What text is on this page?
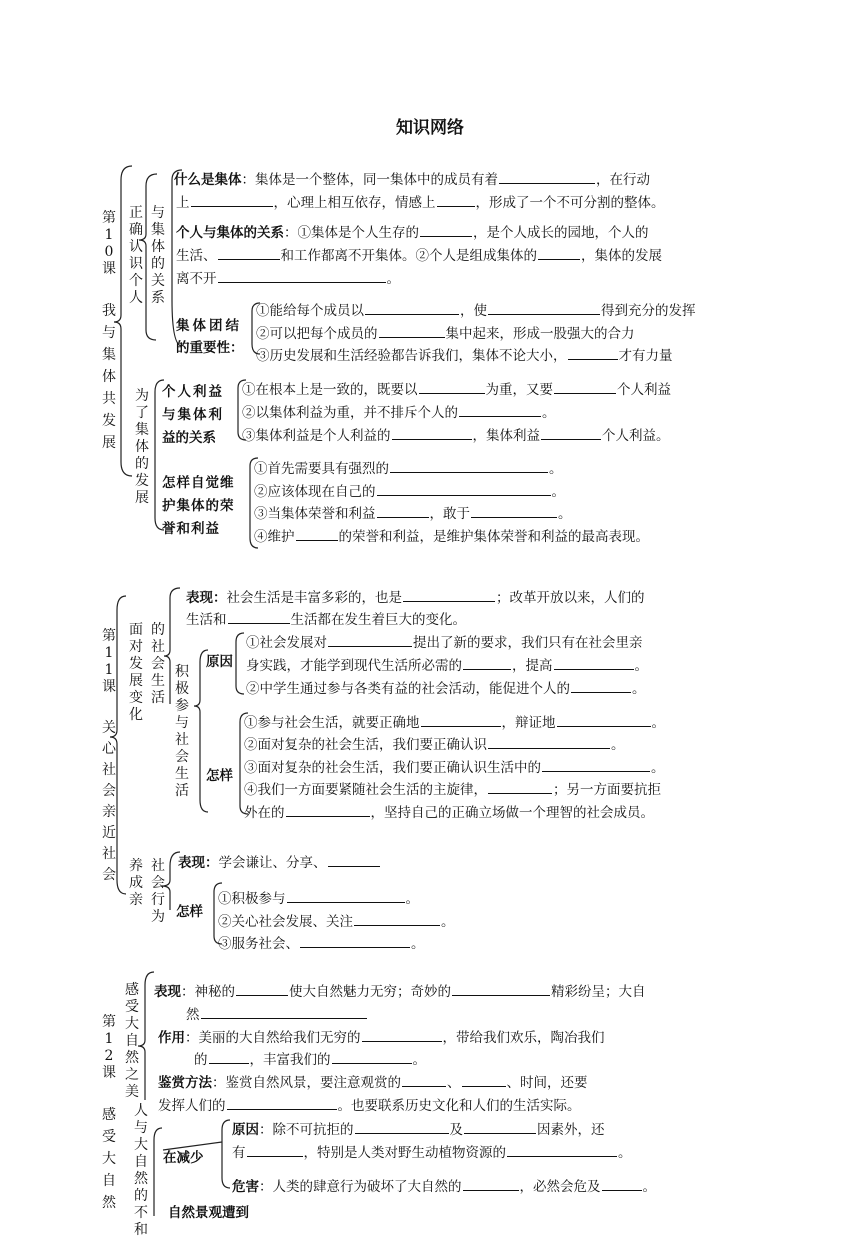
知识网络
第10课
我与集体共发展
正确认识个人
与集体的关系
什么是集体：集体是一个整体，同一集体中的成员有着	，在行动
上	，心理上相互依存，情感上	，形成了一个不可分割的整体。
个人与集体的关系：①集体是个人生存的	，是个人成长的园地，个人的
生活、	和工作都离不开集体。②个人是组成集体的	，集体的发展
离不开	。
集体团结
的重要性：
①能给每个成员以	，使	得到充分的发挥
②可以把每个成员的	集中起来，形成一股强大的合力
③历史发展和生活经验都告诉我们，集体不论大小，	才有力量
为了集体的发展
个人利益
与集体利
益的关系
①在根本上是一致的，既要以	为重，又要	个人利益
②以集体利益为重，并不排斥个人的	。
③集体利益是个人利益的	，集体利益	个人利益。
怎样自觉维
护集体的荣
誉和利益
①首先需要具有强烈的	。
②应该体现在自己的	。
③当集体荣誉和利益	，敢于	。
④维护	的荣誉和利益，是维护集体荣誉和利益的最高表现。
第11课
关心社会亲近社会
面对发展变化
的社会生活
表现：社会生活是丰富多彩的，也是	；改革开放以来，人们的
生活和	生活都在发生着巨大的变化。
积极参与社会生活
原因
①社会发展对	提出了新的要求，我们只有在社会里亲
身实践，才能学到现代生活所必需的	，提高	。
②中学生通过参与各类有益的社会活动，能促进个人的	。
怎样
①参与社会生活，就要正确地	，辩证地	。
②面对复杂的社会生活，我们要正确认识	。
③面对复杂的社会生活，我们要正确认识生活中的	。
④我们一方面要紧随社会生活的主旋律，	；另一方面要抗拒
外在的	，坚持自己的正确立场做一个理智的社会成员。
养成亲
社会行为
表现：学会谦让、分享、
怎样
①积极参与	。
②关心社会发展、关注	。
③服务社会、	。
第12课
感受大自然
感受大自然之美
表现：神秘的	使大自然魅力无穷；奇妙的	精彩纷呈；大自
然
作用：美丽的大自然给我们无穷的	，带给我们欢乐，陶冶我们
的	，丰富我们的	。
鉴赏方法：鉴赏自然风景，要注意观赏的	、	、时间，还要
发挥人们的	。也要联系历史文化和人们的生活实际。
人与大自然的不和
在减少
原因：除不可抗拒的	及	因素外，还
有	，特别是人类对野生动植物资源的	。
危害：人类的肆意行为破坏了大自然的	，必然会危及	。
自然景观遭到
